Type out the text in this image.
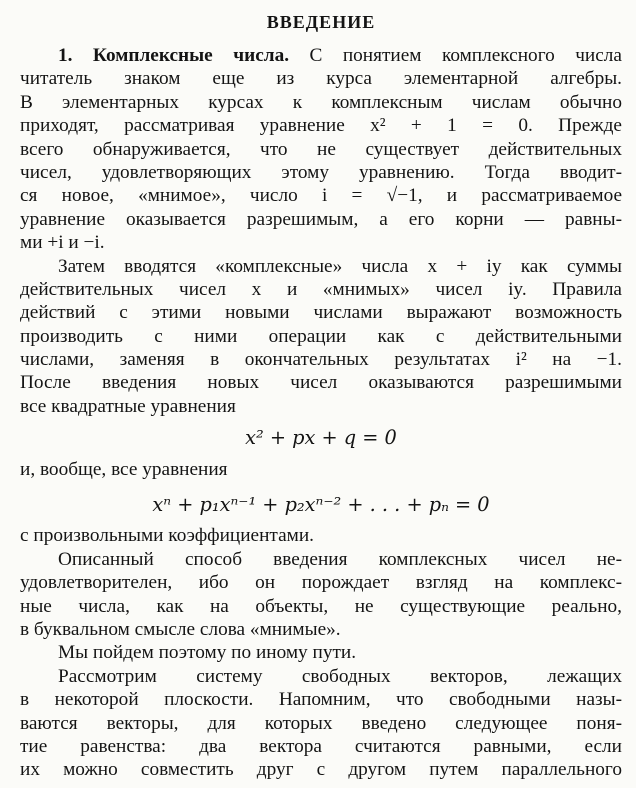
ВВЕДЕНИЕ
1. Комплексные числа. С понятием комплексного числа
читатель знаком еще из курса элементарной алгебры.
В элементарных курсах к комплексным числам обычно
приходят, рассматривая уравнение x² + 1 = 0. Прежде
всего обнаруживается, что не существует действительных
чисел, удовлетворяющих этому уравнению. Тогда вводит-
ся новое, «мнимое», число i = √−1, и рассматриваемое
уравнение оказывается разрешимым, а его корни — равны-
ми +i и −i.
Затем вводятся «комплексные» числа x + iy как суммы
действительных чисел x и «мнимых» чисел iy. Правила
действий с этими новыми числами выражают возможность
производить с ними операции как с действительными
числами, заменяя в окончательных результатах i² на −1.
После введения новых чисел оказываются разрешимыми
все квадратные уравнения
x² + px + q = 0
и, вообще, все уравнения
xⁿ + p₁xⁿ⁻¹ + p₂xⁿ⁻² + . . . + pₙ = 0
с произвольными коэффициентами.
Описанный способ введения комплексных чисел не-
удовлетворителен, ибо он порождает взгляд на комплекс-
ные числа, как на объекты, не существующие реально,
в буквальном смысле слова «мнимые».
Мы пойдем поэтому по иному пути.
Рассмотрим систему свободных векторов, лежащих
в некоторой плоскости. Напомним, что свободными назы-
ваются векторы, для которых введено следующее поня-
тие равенства: два вектора считаются равными, если
их можно совместить друг с другом путем параллельного
